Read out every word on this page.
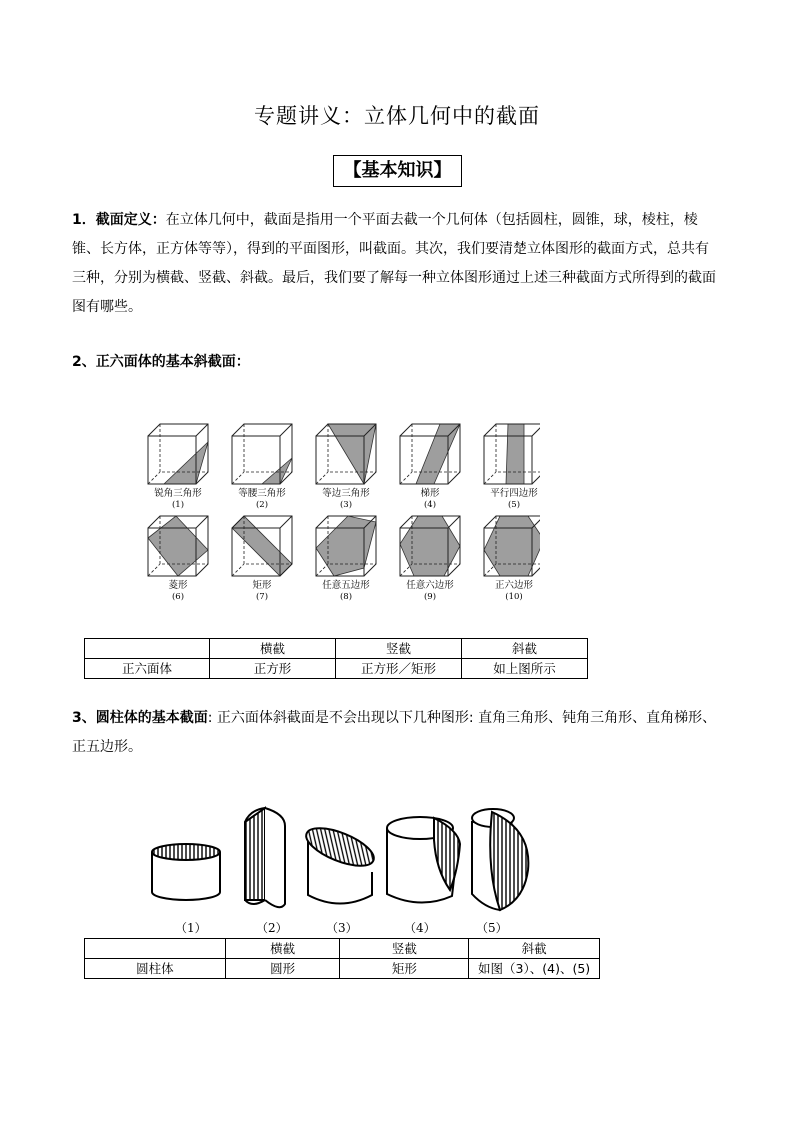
专题讲义：立体几何中的截面
【基本知识】
1．截面定义：在立体几何中，截面是指用一个平面去截一个几何体（包括圆柱，圆锥，球，棱柱，棱锥、长方体，正方体等等），得到的平面图形，叫截面。其次，我们要清楚立体图形的截面方式，总共有三种，分别为横截、竖截、斜截。最后，我们要了解每一种立体图形通过上述三种截面方式所得到的截面图有哪些。
2、正六面体的基本斜截面：
锐角三角形
(1)
等腰三角形
(2)
等边三角形
(3)
梯形
(4)
平行四边形
(5)
菱形
(6)
矩形
(7)
任意五边形
(8)
任意六边形
(9)
正六边形
(10)
	横截	竖截	斜截
正六面体	正方形	正方形／矩形	如上图所示
3、圆柱体的基本截面: 正六面体斜截面是不会出现以下几种图形: 直角三角形、钝角三角形、直角梯形、正五边形。
（1）	（2）	（3）	（4）	（5）
	横截	竖截	斜截
圆柱体	圆形	矩形	如图（3）、(4)、(5)
